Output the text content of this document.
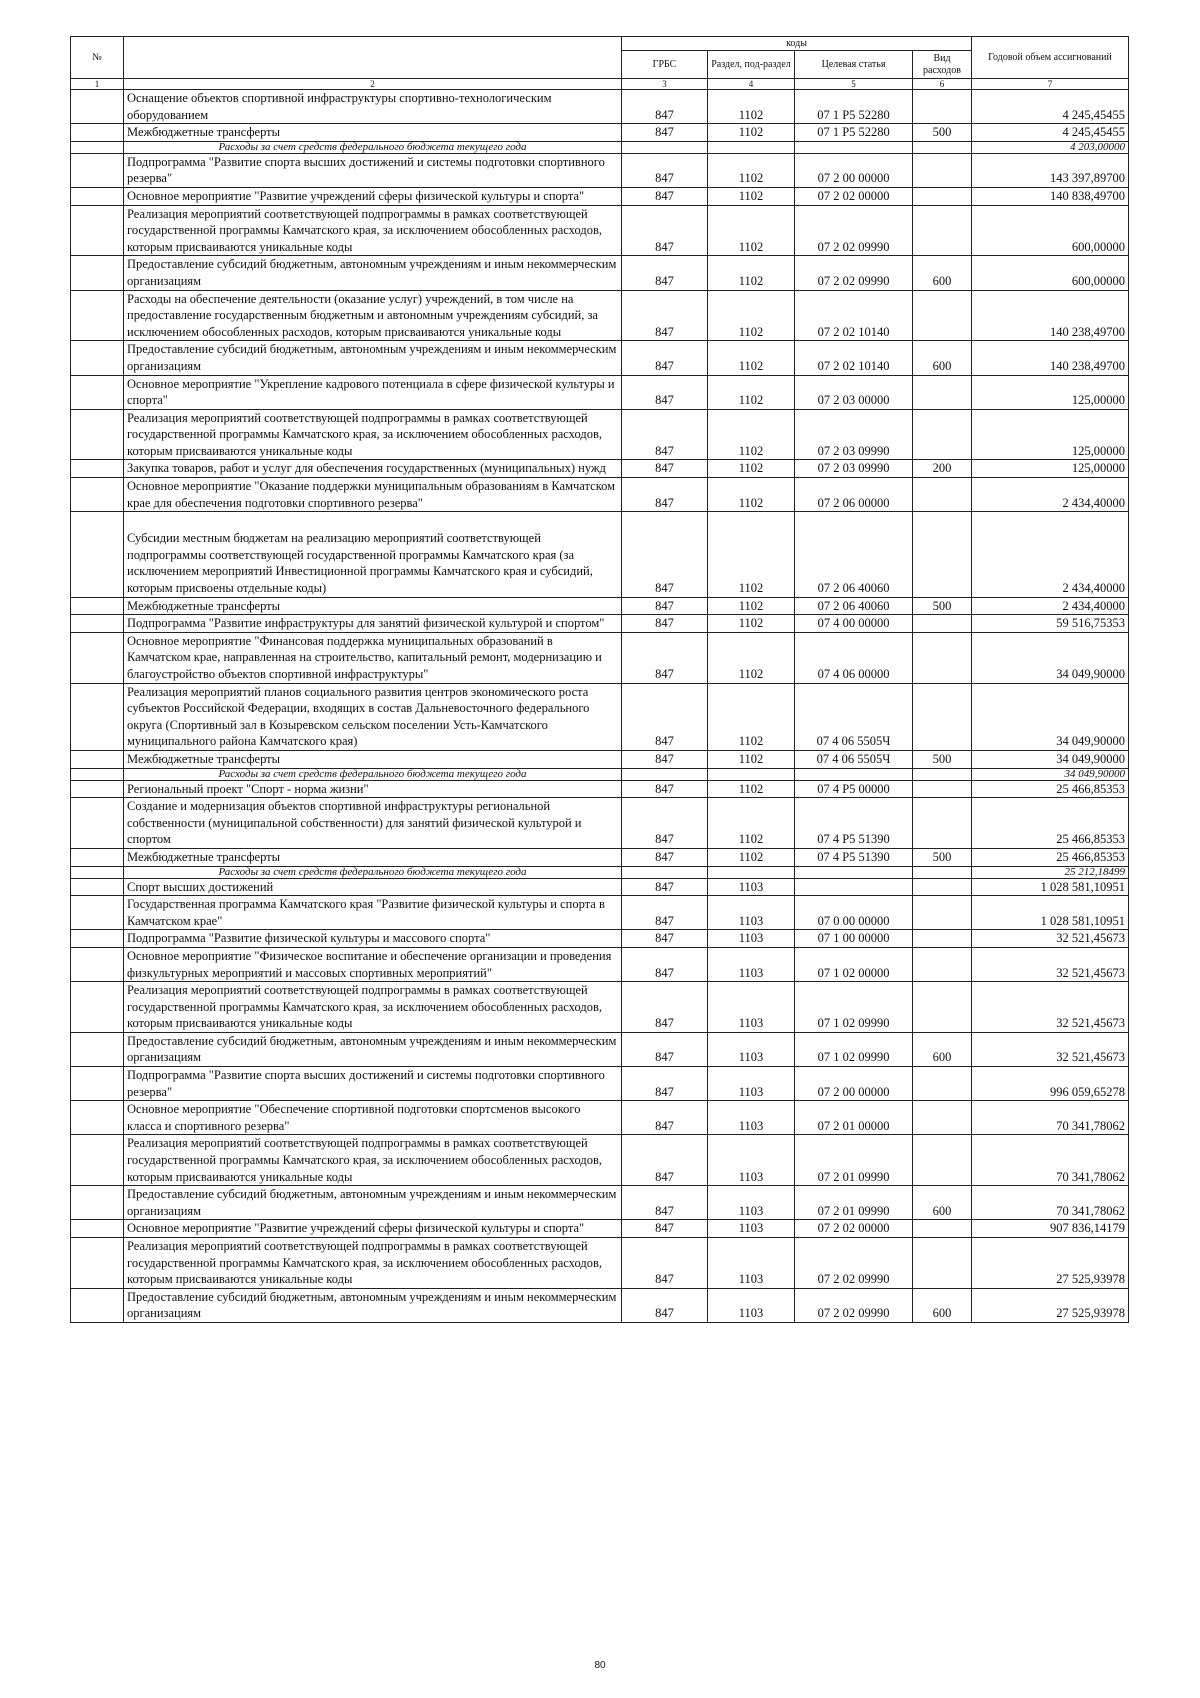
№		коды				Годовой объем ассигнований
		ГРБС	Раздел, под-раздел	Целевая статья	Вид расходов	
1	2	3	4	5	6	7
	Оснащение объектов спортивной инфраструктуры спортивно-технологическим оборудованием	847	1102	07 1 Р5 52280		4 245,45455
	Межбюджетные трансферты	847	1102	07 1 Р5 52280	500	4 245,45455
	Расходы за счет средств федерального бюджета текущего года					4 203,00000
	Подпрограмма "Развитие спорта высших достижений и системы подготовки спортивного резерва"	847	1102	07 2 00 00000		143 397,89700
	Основное мероприятие "Развитие учреждений сферы физической культуры и спорта"	847	1102	07 2 02 00000		140 838,49700
	Реализация мероприятий соответствующей подпрограммы в рамках соответствующей государственной программы Камчатского края, за исключением обособленных расходов, которым присваиваются уникальные коды	847	1102	07 2 02 09990		600,00000
	Предоставление субсидий бюджетным, автономным учреждениям и иным некоммерческим организациям	847	1102	07 2 02 09990	600	600,00000
	Расходы на обеспечение деятельности (оказание услуг) учреждений, в том числе на предоставление государственным бюджетным и автономным учреждениям субсидий, за исключением обособленных расходов, которым присваиваются уникальные коды	847	1102	07 2 02 10140		140 238,49700
	Предоставление субсидий бюджетным, автономным учреждениям и иным некоммерческим организациям	847	1102	07 2 02 10140	600	140 238,49700
	Основное мероприятие "Укрепление кадрового потенциала в сфере физической культуры и спорта"	847	1102	07 2 03 00000		125,00000
	Реализация мероприятий соответствующей подпрограммы в рамках соответствующей государственной программы Камчатского края, за исключением обособленных расходов, которым присваиваются уникальные коды	847	1102	07 2 03 09990		125,00000
	Закупка товаров, работ и услуг для обеспечения государственных (муниципальных) нужд	847	1102	07 2 03 09990	200	125,00000
	Основное мероприятие "Оказание поддержки муниципальным образованиям в Камчатском крае для обеспечения подготовки спортивного резерва"	847	1102	07 2 06 00000		2 434,40000
	Субсидии местным бюджетам на реализацию мероприятий соответствующей подпрограммы соответствующей государственной программы Камчатского края (за исключением мероприятий Инвестиционной программы Камчатского края и субсидий, которым присвоены отдельные коды)	847	1102	07 2 06 40060		2 434,40000
	Межбюджетные трансферты	847	1102	07 2 06 40060	500	2 434,40000
	Подпрограмма "Развитие инфраструктуры для занятий физической культурой и спортом"	847	1102	07 4 00 00000		59 516,75353
	Основное мероприятие "Финансовая поддержка муниципальных образований в Камчатском крае, направленная на строительство, капитальный ремонт, модернизацию и благоустройство объектов спортивной инфраструктуры"	847	1102	07 4 06 00000		34 049,90000
	Реализация мероприятий планов социального развития центров экономического роста субъектов Российской Федерации, входящих в состав Дальневосточного федерального округа (Спортивный зал в Козыревском сельском поселении Усть-Камчатского муниципального района Камчатского края)	847	1102	07 4 06 5505Ч		34 049,90000
	Межбюджетные трансферты	847	1102	07 4 06 5505Ч	500	34 049,90000
	Расходы за счет средств федерального бюджета текущего года					34 049,90000
	Региональный проект "Спорт - норма жизни"	847	1102	07 4 Р5 00000		25 466,85353
	Создание и модернизация объектов спортивной инфраструктуры региональной собственности (муниципальной собственности) для занятий физической культурой и спортом	847	1102	07 4 Р5 51390		25 466,85353
	Межбюджетные трансферты	847	1102	07 4 Р5 51390	500	25 466,85353
	Расходы за счет средств федерального бюджета текущего года					25 212,18499
	Спорт высших достижений	847	1103			1 028 581,10951
	Государственная программа Камчатского края "Развитие физической культуры и спорта в Камчатском крае"	847	1103	07 0 00 00000		1 028 581,10951
	Подпрограмма "Развитие физической культуры и массового спорта"	847	1103	07 1 00 00000		32 521,45673
	Основное мероприятие "Физическое воспитание и обеспечение организации и проведения физкультурных мероприятий и массовых спортивных мероприятий"	847	1103	07 1 02 00000		32 521,45673
	Реализация мероприятий соответствующей подпрограммы в рамках соответствующей государственной программы Камчатского края, за исключением обособленных расходов, которым присваиваются уникальные коды	847	1103	07 1 02 09990		32 521,45673
	Предоставление субсидий бюджетным, автономным учреждениям и иным некоммерческим организациям	847	1103	07 1 02 09990	600	32 521,45673
	Подпрограмма "Развитие спорта высших достижений и системы подготовки спортивного резерва"	847	1103	07 2 00 00000		996 059,65278
	Основное мероприятие "Обеспечение спортивной подготовки спортсменов высокого класса и спортивного резерва"	847	1103	07 2 01 00000		70 341,78062
	Реализация мероприятий соответствующей подпрограммы в рамках соответствующей государственной программы Камчатского края, за исключением обособленных расходов, которым присваиваются уникальные коды	847	1103	07 2 01 09990		70 341,78062
	Предоставление субсидий бюджетным, автономным учреждениям и иным некоммерческим организациям	847	1103	07 2 01 09990	600	70 341,78062
	Основное мероприятие "Развитие учреждений сферы физической культуры и спорта"	847	1103	07 2 02 00000		907 836,14179
	Реализация мероприятий соответствующей подпрограммы в рамках соответствующей государственной программы Камчатского края, за исключением обособленных расходов, которым присваиваются уникальные коды	847	1103	07 2 02 09990		27 525,93978
	Предоставление субсидий бюджетным, автономным учреждениям и иным некоммерческим организациям	847	1103	07 2 02 09990	600	27 525,93978
80
